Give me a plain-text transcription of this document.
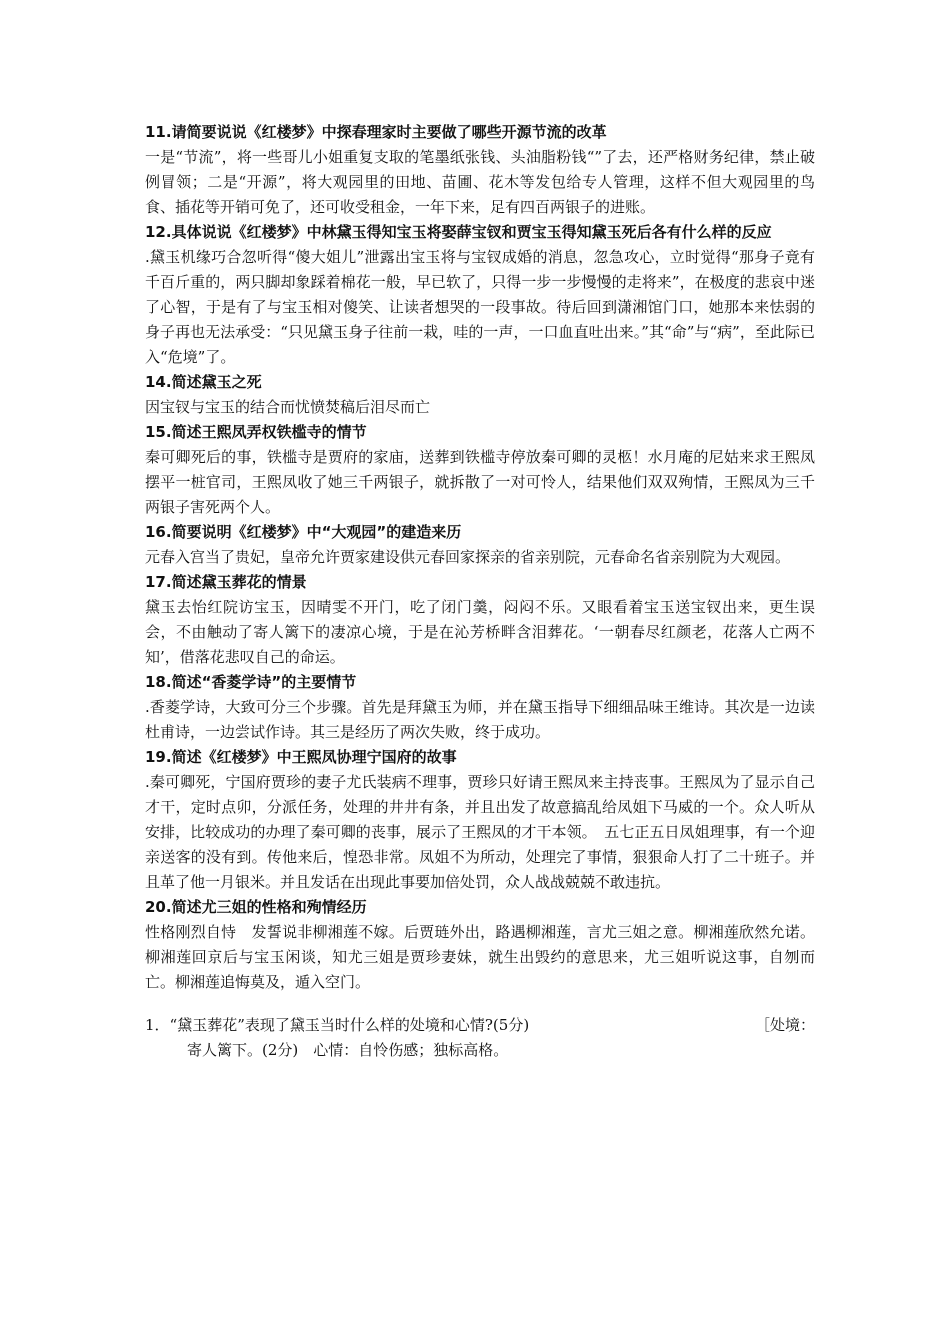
11.请简要说说《红楼梦》中探春理家时主要做了哪些开源节流的改革

一是“节流”，将一些哥儿小姐重复支取的笔墨纸张钱、头油脂粉钱“”了去，还严格财务纪律，禁止破例冒领；二是“开源”，将大观园里的田地、苗圃、花木等发包给专人管理，这样不但大观园里的鸟食、插花等开销可免了，还可收受租金，一年下来，足有四百两银子的进账。

12.具体说说《红楼梦》中林黛玉得知宝玉将娶薛宝钗和贾宝玉得知黛玉死后各有什么样的反应

.黛玉机缘巧合忽听得“傻大姐儿”泄露出宝玉将与宝钗成婚的消息，忽急攻心，立时觉得“那身子竟有千百斤重的，两只脚却象踩着棉花一般，早已软了，只得一步一步慢慢的走将来”，在极度的悲哀中迷了心智，于是有了与宝玉相对傻笑、让读者想哭的一段事故。待后回到潇湘馆门口，她那本来怯弱的身子再也无法承受：“只见黛玉身子往前一栽，哇的一声，一口血直吐出来。”其“命”与“病”，至此际已入“危境”了。

14.简述黛玉之死

因宝钗与宝玉的结合而忧愤焚稿后泪尽而亡

15.简述王熙凤弄权铁槛寺的情节

秦可卿死后的事，铁槛寺是贾府的家庙，送葬到铁槛寺停放秦可卿的灵柩！水月庵的尼姑来求王熙凤摆平一桩官司，王熙凤收了她三千两银子，就拆散了一对可怜人，结果他们双双殉情，王熙凤为三千两银子害死两个人。

16.简要说明《红楼梦》中“大观园”的建造来历

元春入宫当了贵妃，皇帝允许贾家建设供元春回家探亲的省亲别院，元春命名省亲别院为大观园。

17.简述黛玉葬花的情景

黛玉去怡红院访宝玉，因晴雯不开门，吃了闭门羹，闷闷不乐。又眼看着宝玉送宝钗出来，更生误会，不由触动了寄人篱下的凄凉心境，于是在沁芳桥畔含泪葬花。‘一朝春尽红颜老，花落人亡两不知’，借落花悲叹自己的命运。

18.简述“香菱学诗”的主要情节

.香菱学诗，大致可分三个步骤。首先是拜黛玉为师，并在黛玉指导下细细品味王维诗。其次是一边读杜甫诗，一边尝试作诗。其三是经历了两次失败，终于成功。

19.简述《红楼梦》中王熙凤协理宁国府的故事

.秦可卿死，宁国府贾珍的妻子尤氏装病不理事，贾珍只好请王熙凤来主持丧事。王熙凤为了显示自己才干，定时点卯，分派任务，处理的井井有条，并且出发了故意搞乱给凤姐下马威的一个。众人听从安排，比较成功的办理了秦可卿的丧事，展示了王熙凤的才干本领。　五七正五日凤姐理事，有一个迎亲送客的没有到。传他来后，惶恐非常。凤姐不为所动，处理完了事情，狠狠命人打了二十班子。并且革了他一月银米。并且发话在出现此事要加倍处罚，众人战战兢兢不敢违抗。

20.简述尤三姐的性格和殉情经历

性格刚烈自恃　发誓说非柳湘莲不嫁。后贾琏外出，路遇柳湘莲，言尤三姐之意。柳湘莲欣然允诺。柳湘莲回京后与宝玉闲谈，知尤三姐是贾珍妻妹，就生出毁约的意思来，尤三姐听说这事，自刎而亡。柳湘莲追悔莫及，遁入空门。

1．“黛玉葬花”表现了黛玉当时什么样的处境和心情?(5分)	［处境：
寄人篱下。(2分)　心情：自怜伤感；独标高格。
